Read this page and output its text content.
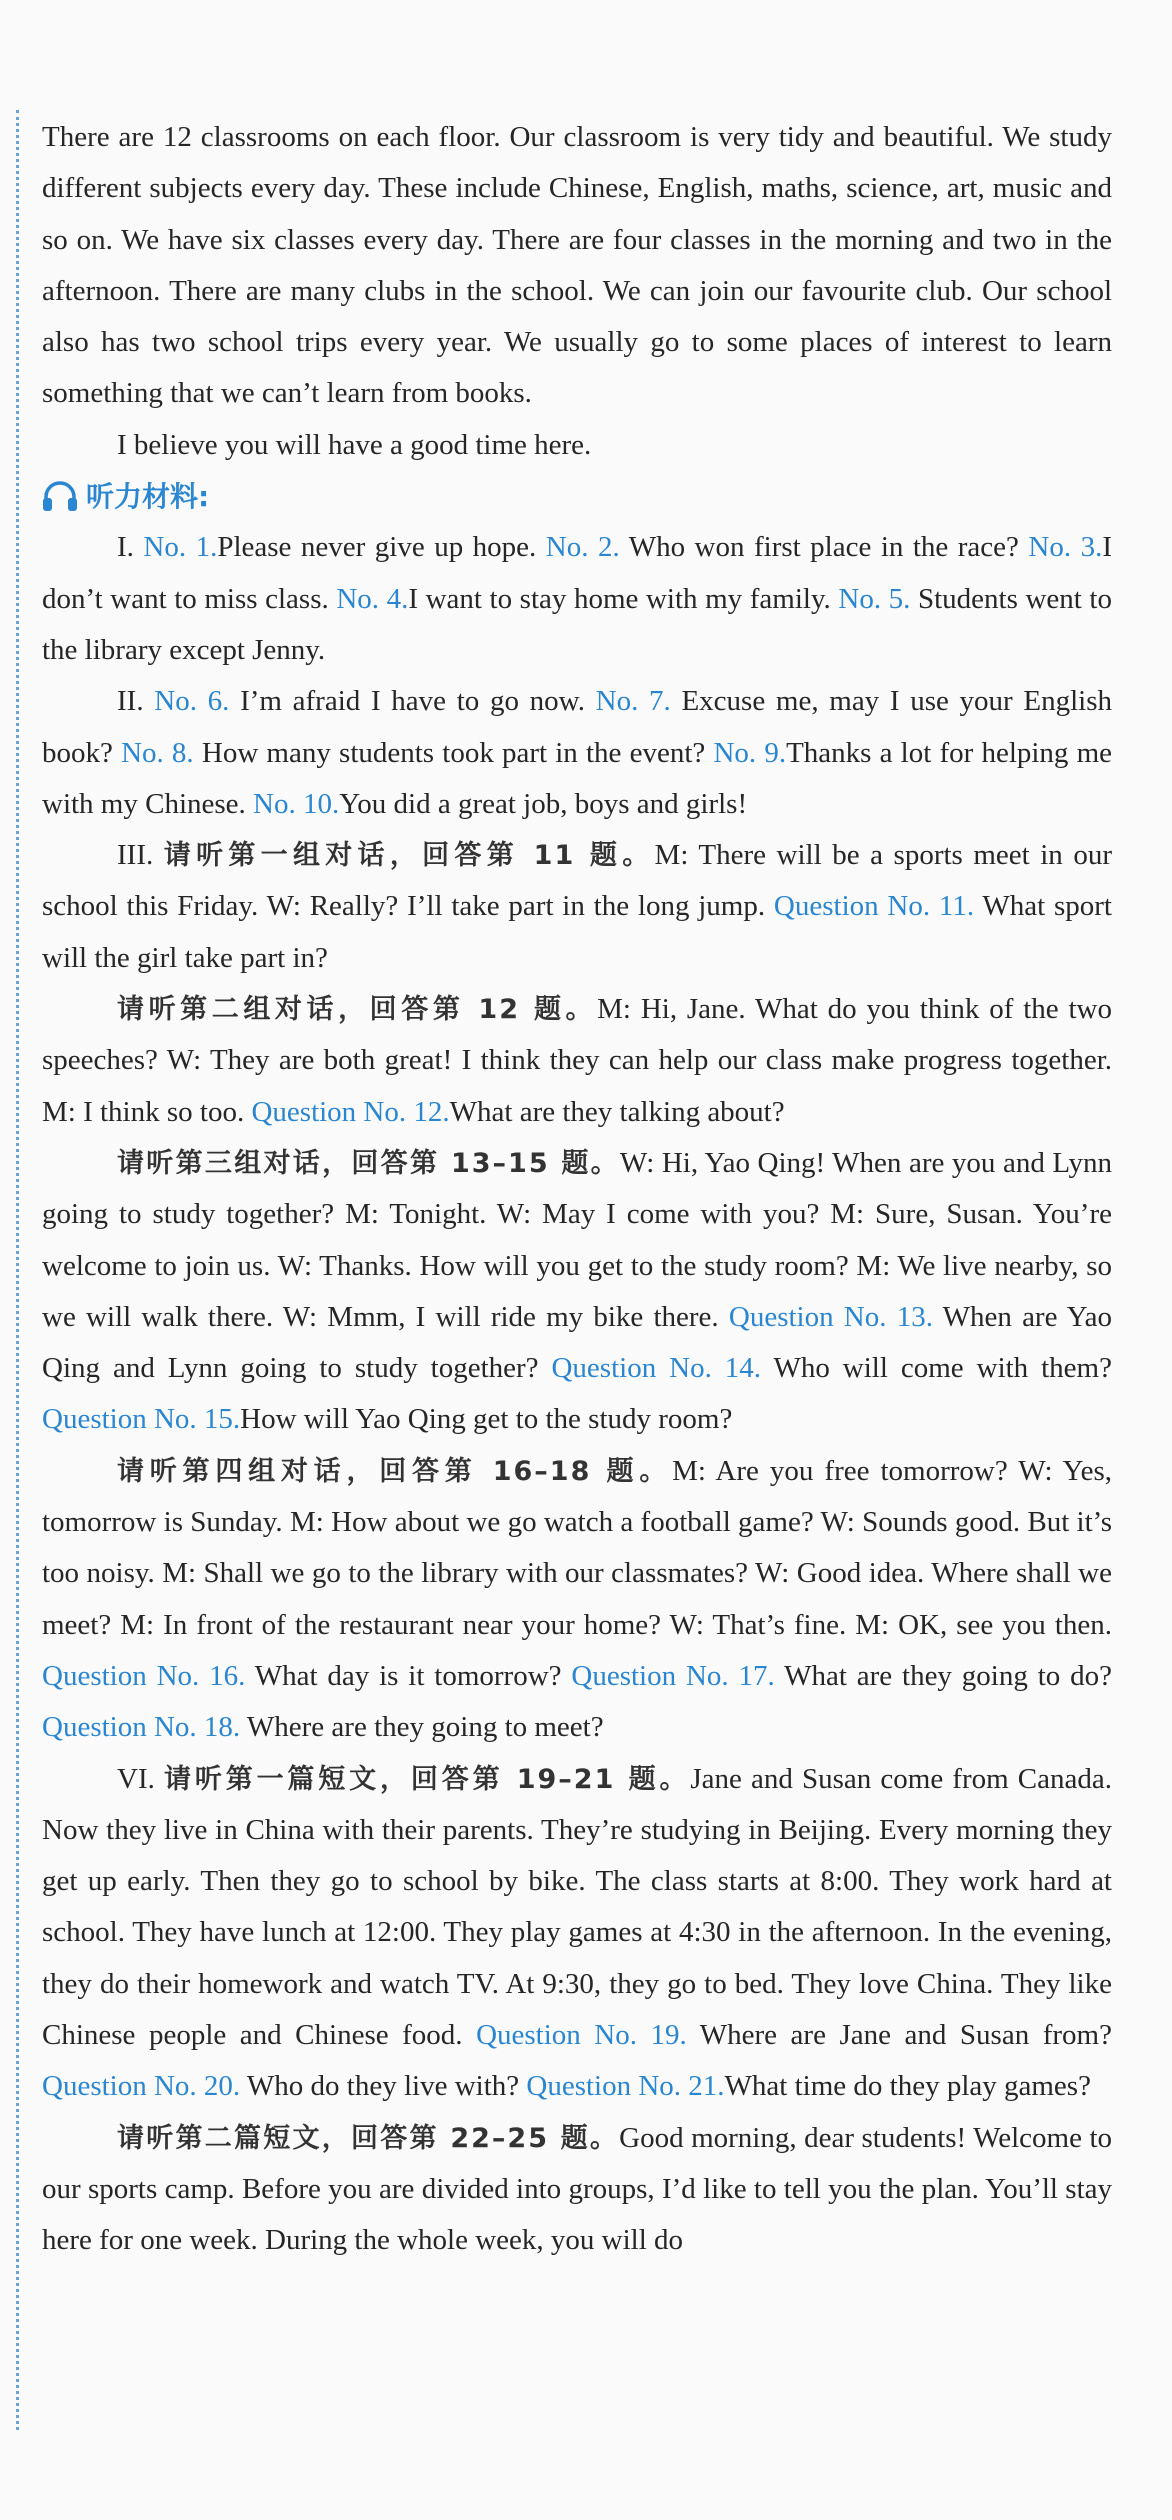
There are 12 classrooms on each floor. Our classroom is very tidy and beautiful. We study different subjects every day. These include Chinese, English, maths, science, art, music and so on. We have six classes every day. There are four classes in the morning and two in the afternoon. There are many clubs in the school. We can join our favourite club. Our school also has two school trips every year. We usually go to some places of interest to learn something that we can’t learn from books.

I believe you will have a good time here.

听力材料:

I. No. 1.Please never give up hope. No. 2. Who won first place in the race? No. 3.I don’t want to miss class. No. 4.I want to stay home with my family. No. 5. Students went to the library except Jenny.

II. No. 6. I’m afraid I have to go now. No. 7. Excuse me, may I use your English book? No. 8. How many students took part in the event? No. 9.Thanks a lot for helping me with my Chinese. No. 10.You did a great job, boys and girls!

III. 请听第一组对话，回答第 11 题。M: There will be a sports meet in our school this Friday. W: Really? I’ll take part in the long jump. Question No. 11. What sport will the girl take part in?

请听第二组对话，回答第 12 题。M: Hi, Jane. What do you think of the two speeches? W: They are both great! I think they can help our class make progress together. M: I think so too. Question No. 12.What are they talking about?

请听第三组对话，回答第 13–15 题。W: Hi, Yao Qing! When are you and Lynn going to study together? M: Tonight. W: May I come with you? M: Sure, Susan. You’re welcome to join us. W: Thanks. How will you get to the study room? M: We live nearby, so we will walk there. W: Mmm, I will ride my bike there. Question No. 13. When are Yao Qing and Lynn going to study together? Question No. 14. Who will come with them? Question No. 15.How will Yao Qing get to the study room?

请听第四组对话，回答第 16–18 题。M: Are you free tomorrow? W: Yes, tomorrow is Sunday. M: How about we go watch a football game? W: Sounds good. But it’s too noisy. M: Shall we go to the library with our classmates? W: Good idea. Where shall we meet? M: In front of the restaurant near your home? W: That’s fine. M: OK, see you then. Question No. 16. What day is it tomorrow? Question No. 17. What are they going to do? Question No. 18. Where are they going to meet?

VI. 请听第一篇短文，回答第 19–21 题。Jane and Susan come from Canada. Now they live in China with their parents. They’re studying in Beijing. Every morning they get up early. Then they go to school by bike. The class starts at 8:00. They work hard at school. They have lunch at 12:00. They play games at 4:30 in the afternoon. In the evening, they do their homework and watch TV. At 9:30, they go to bed. They love China. They like Chinese people and Chinese food. Question No. 19. Where are Jane and Susan from? Question No. 20. Who do they live with? Question No. 21.What time do they play games?

请听第二篇短文，回答第 22–25 题。Good morning, dear students! Welcome to our sports camp. Before you are divided into groups, I’d like to tell you the plan. You’ll stay here for one week. During the whole week, you will do
